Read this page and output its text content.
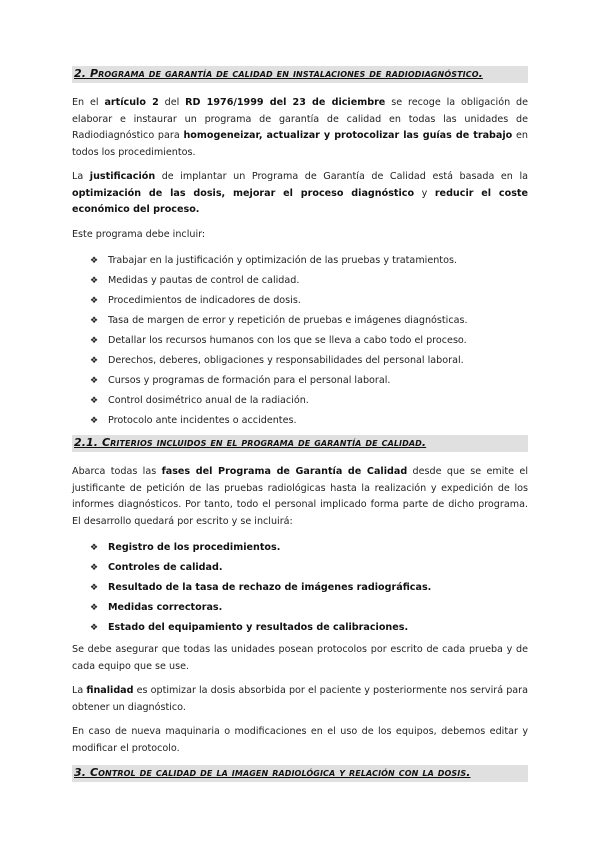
2. Programa de garantía de calidad en instalaciones de radiodiagnóstico.

En el artículo 2 del RD 1976/1999 del 23 de diciembre se recoge la obligación de elaborar e instaurar un programa de garantía de calidad en todas las unidades de Radiodiagnóstico para homogeneizar, actualizar y protocolizar las guías de trabajo en todos los procedimientos.

La justificación de implantar un Programa de Garantía de Calidad está basada en la optimización de las dosis, mejorar el proceso diagnóstico y reducir el coste económico del proceso.

Este programa debe incluir:

❖ Trabajar en la justificación y optimización de las pruebas y tratamientos.
❖ Medidas y pautas de control de calidad.
❖ Procedimientos de indicadores de dosis.
❖ Tasa de margen de error y repetición de pruebas e imágenes diagnósticas.
❖ Detallar los recursos humanos con los que se lleva a cabo todo el proceso.
❖ Derechos, deberes, obligaciones y responsabilidades del personal laboral.
❖ Cursos y programas de formación para el personal laboral.
❖ Control dosimétrico anual de la radiación.
❖ Protocolo ante incidentes o accidentes.
2.1. Criterios incluidos en el programa de garantía de calidad.

Abarca todas las fases del Programa de Garantía de Calidad desde que se emite el justificante de petición de las pruebas radiológicas hasta la realización y expedición de los informes diagnósticos. Por tanto, todo el personal implicado forma parte de dicho programa. El desarrollo quedará por escrito y se incluirá:

❖ Registro de los procedimientos.
❖ Controles de calidad.
❖ Resultado de la tasa de rechazo de imágenes radiográficas.
❖ Medidas correctoras.
❖ Estado del equipamiento y resultados de calibraciones.

Se debe asegurar que todas las unidades posean protocolos por escrito de cada prueba y de cada equipo que se use.

La finalidad es optimizar la dosis absorbida por el paciente y posteriormente nos servirá para obtener un diagnóstico.

En caso de nueva maquinaria o modificaciones en el uso de los equipos, debemos editar y modificar el protocolo.

3. Control de calidad de la imagen radiológica y relación con la dosis.
